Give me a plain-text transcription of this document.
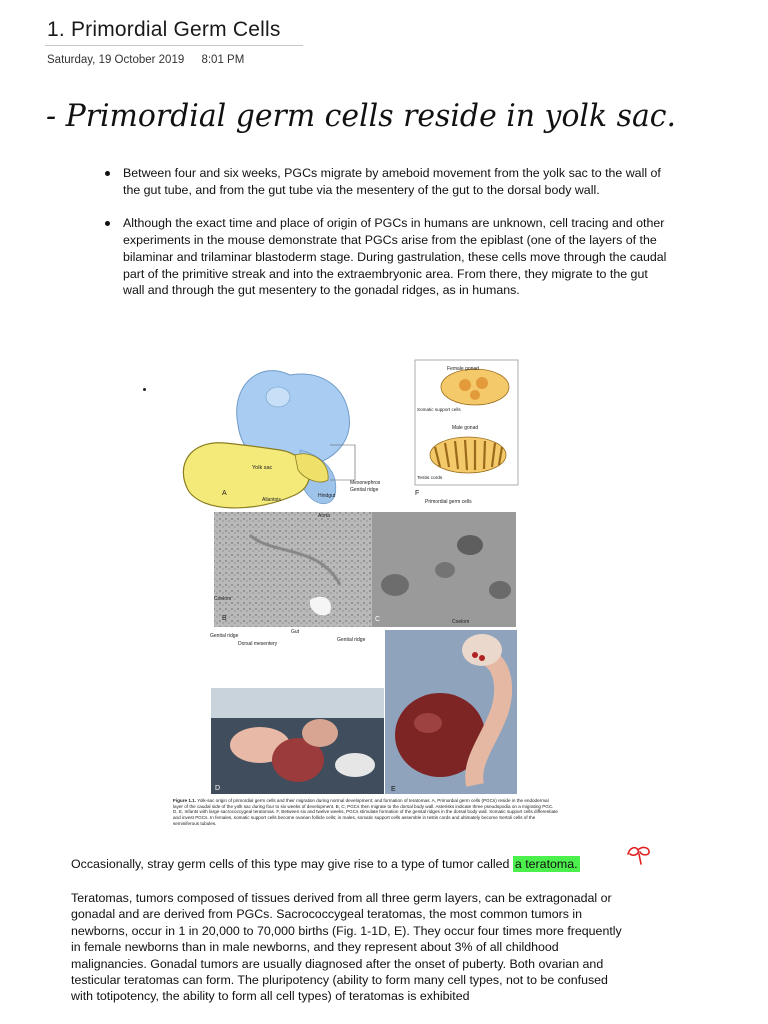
1. Primordial Germ Cells
Saturday, 19 October 2019 8:01 PM
- Primordial germ cells reside in yolk sac.
Between four and six weeks, PGCs migrate by ameboid movement from the yolk sac to the wall of the gut tube, and from the gut tube via the mesentery of the gut to the dorsal body wall.
Although the exact time and place of origin of PGCs in humans are unknown, cell tracing and other experiments in the mouse demonstrate that PGCs arise from the epiblast (one of the layers of the bilaminar and trilaminar blastoderm stage. During gastrulation, these cells move through the caudal part of the primitive streak and into the extraembryonic area. From there, they migrate to the gut wall and through the gut mesentery to the gonadal ridges, as in humans.
Yolk sac
A
Allantois
Hindgut
Genital ridge
Mesonephros
Female gonad
Somatic support cells
Male gonad
Testis cords
F
Aorta
Coelom
B
Genital ridge
Dorsal mesentery
Gut
Primordial germ cells
Coelom
C
Genital ridge
D	E
Figure 1.1. Yolk-sac origin of primordial germ cells and their migration during normal development; and formation of teratomas. A, Primordial germ cells (PGCs) reside in the endodermal layer of the caudal side of the yolk sac during four to six weeks of development. B, C, PGCs then migrate to the dorsal body wall. Asterisks indicate three pseudopodia on a migrating PGC. D, E, Infants with large sacrococcygeal teratomas. F, Between six and twelve weeks, PGCs stimulate formation of the genital ridges in the dorsal body wall. Somatic support cells differentiate and invest PGCs. In females, somatic support cells become ovarian follicle cells; in males, somatic support cells assemble in testis cords and ultimately become Sertoli cells of the seminiferous tubules.
Occasionally, stray germ cells of this type may give rise to a type of tumor called a teratoma.
Teratomas, tumors composed of tissues derived from all three germ layers, can be extragonadal or gonadal and are derived from PGCs. Sacrococcygeal teratomas, the most common tumors in newborns, occur in 1 in 20,000 to 70,000 births (Fig. 1-1D, E). They occur four times more frequently in female newborns than in male newborns, and they represent about 3% of all childhood malignancies. Gonadal tumors are usually diagnosed after the onset of puberty. Both ovarian and testicular teratomas can form. The pluripotency (ability to form many cell types, not to be confused with totipotency, the ability to form all cell types) of teratomas is exhibited
